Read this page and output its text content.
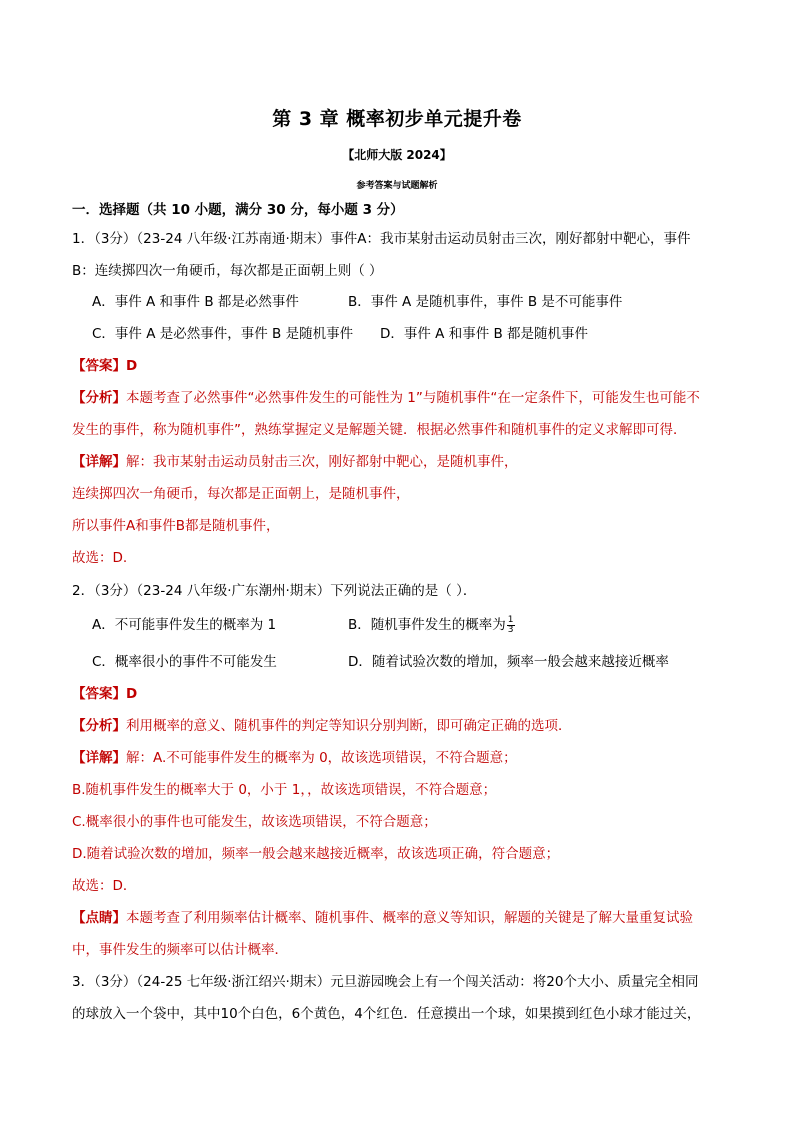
第 3 章 概率初步单元提升卷
【北师大版 2024】
参考答案与试题解析
一．选择题（共 10 小题，满分 30 分，每小题 3 分）
1．（3分）（23-24 八年级·江苏南通·期末）事件A：我市某射击运动员射击三次，刚好都射中靶心，事件
B：连续掷四次一角硬币，每次都是正面朝上则（ ）
A．事件 A 和事件 B 都是必然事件	B．事件 A 是随机事件，事件 B 是不可能事件
C．事件 A 是必然事件，事件 B 是随机事件 D．事件 A 和事件 B 都是随机事件
【答案】D
【分析】本题考查了必然事件“必然事件发生的可能性为 1”与随机事件“在一定条件下，可能发生也可能不
发生的事件，称为随机事件”，熟练掌握定义是解题关键．根据必然事件和随机事件的定义求解即可得．
【详解】解：我市某射击运动员射击三次，刚好都射中靶心，是随机事件，
连续掷四次一角硬币，每次都是正面朝上，是随机事件，
所以事件A和事件B都是随机事件，
故选：D.
2．（3分）（23-24 八年级·广东潮州·期末）下列说法正确的是（ ）．
A．不可能事件发生的概率为 1	B．随机事件发生的概率为 $\frac{1}{3}$
C．概率很小的事件不可能发生	D．随着试验次数的增加，频率一般会越来越接近概率
【答案】D
【分析】利用概率的意义、随机事件的判定等知识分别判断，即可确定正确的选项．
【详解】解：A.不可能事件发生的概率为 0，故该选项错误，不符合题意；
B.随机事件发生的概率大于 0，小于 1，，故该选项错误，不符合题意；
C.概率很小的事件也可能发生，故该选项错误，不符合题意；
D.随着试验次数的增加，频率一般会越来越接近概率，故该选项正确，符合题意；
故选：D．
【点睛】本题考查了利用频率估计概率、随机事件、概率的意义等知识，解题的关键是了解大量重复试验
中，事件发生的频率可以估计概率．
3．（3分）（24-25 七年级·浙江绍兴·期末）元旦游园晚会上有一个闯关活动：将20个大小、质量完全相同
的球放入一个袋中，其中10个白色，6个黄色，4个红色．任意摸出一个球，如果摸到红色小球才能过关，
